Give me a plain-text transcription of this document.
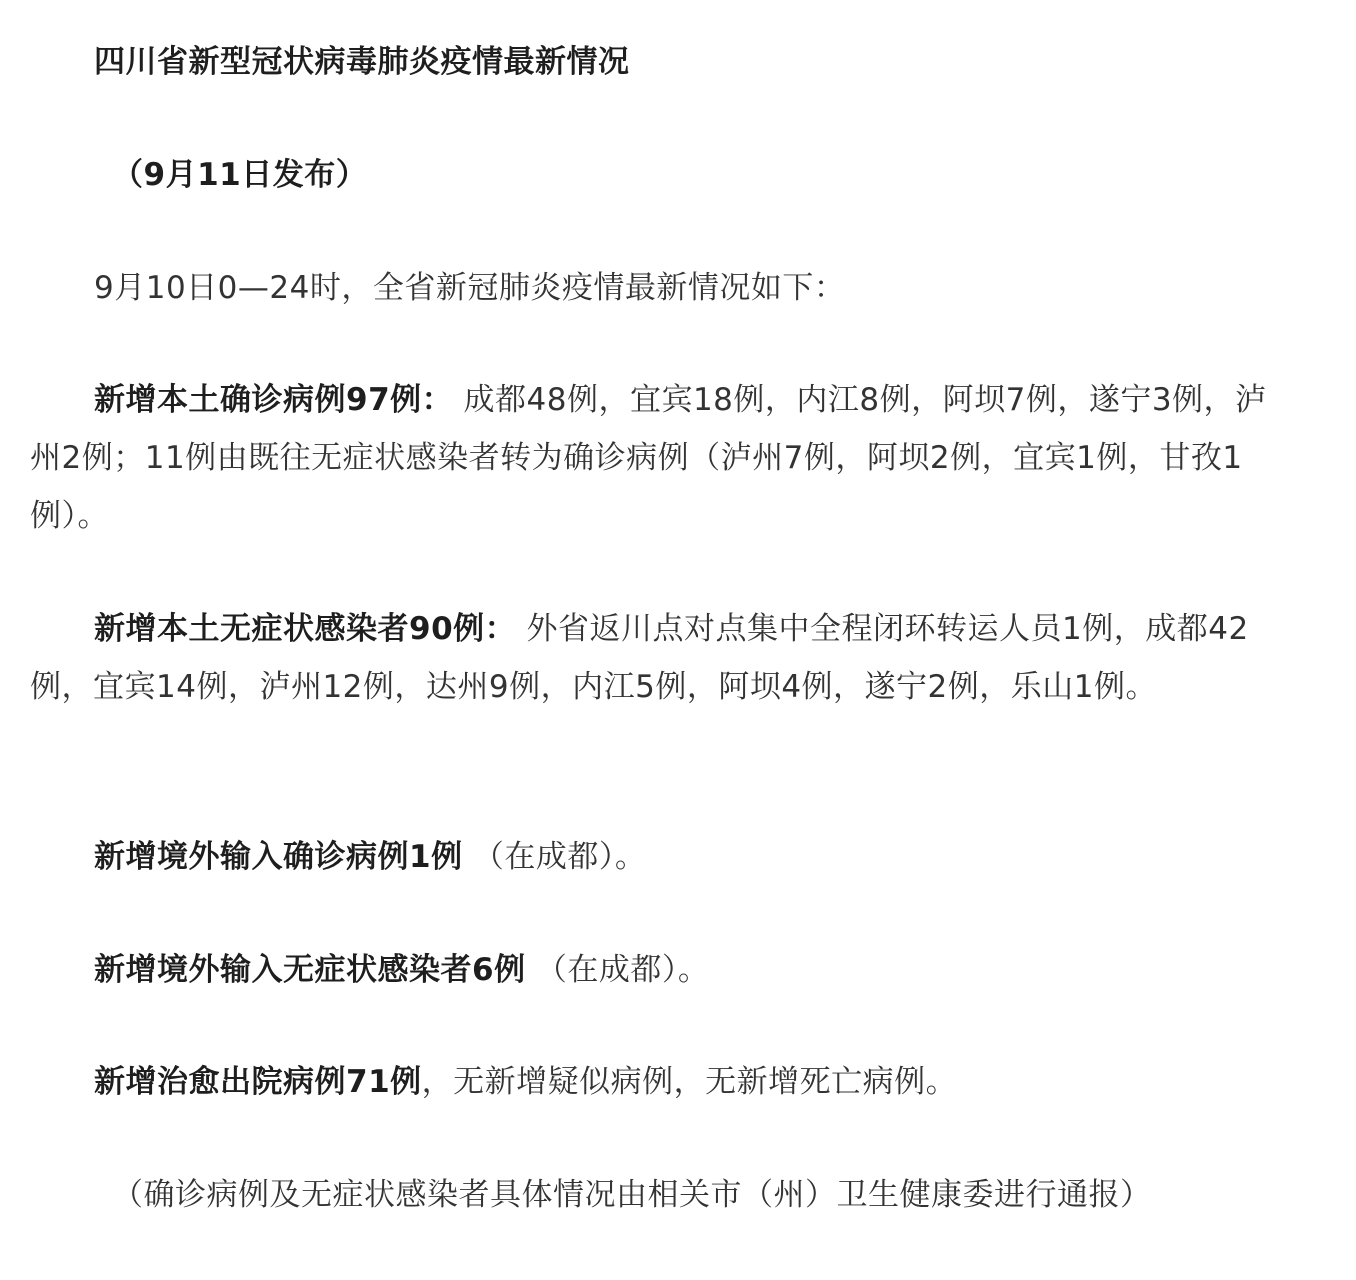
四川省新型冠状病毒肺炎疫情最新情况
（9月11日发布）
9月10日0—24时，全省新冠肺炎疫情最新情况如下：
新增本土确诊病例97例： 成都48例，宜宾18例，内江8例，阿坝7例，遂宁3例，泸州2例；11例由既往无症状感染者转为确诊病例（泸州7例，阿坝2例，宜宾1例，甘孜1例）。
新增本土无症状感染者90例： 外省返川点对点集中全程闭环转运人员1例，成都42例，宜宾14例，泸州12例，达州9例，内江5例，阿坝4例，遂宁2例，乐山1例。
新增境外输入确诊病例1例 （在成都）。
新增境外输入无症状感染者6例 （在成都）。
新增治愈出院病例71例，无新增疑似病例，无新增死亡病例。
（确诊病例及无症状感染者具体情况由相关市（州）卫生健康委进行通报）
